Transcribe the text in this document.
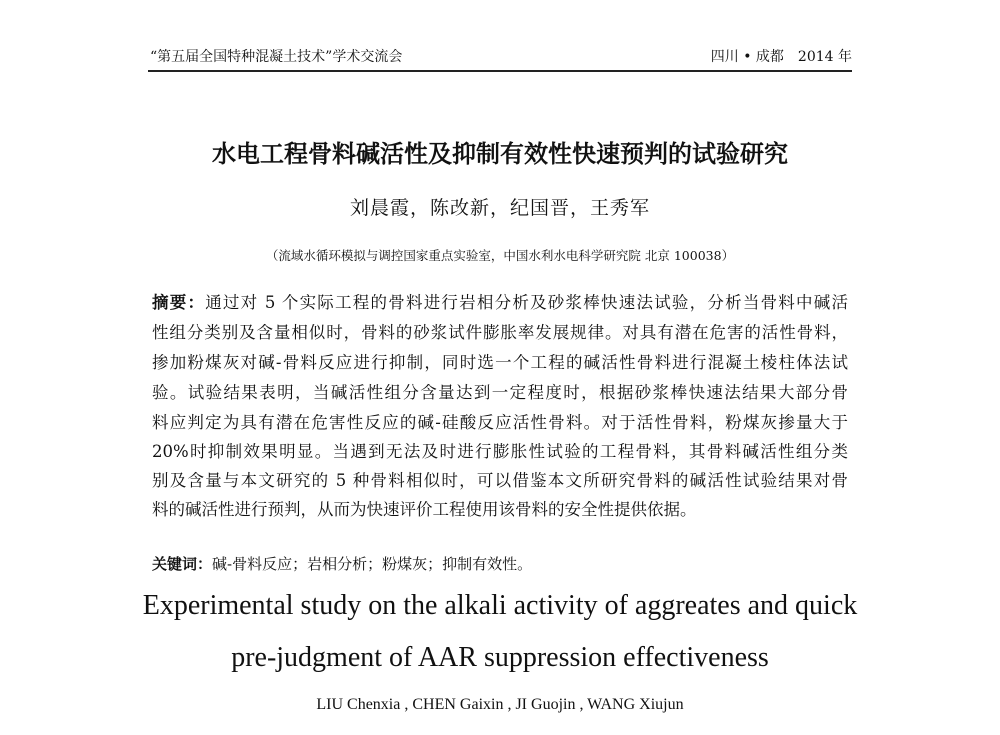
“第五届全国特种混凝土技术”学术交流会	四川 • 成都　2014 年
水电工程骨料碱活性及抑制有效性快速预判的试验研究
刘晨霞，陈改新，纪国晋，王秀军
（流域水循环模拟与调控国家重点实验室，中国水利水电科学研究院 北京 100038）
摘要：通过对 5 个实际工程的骨料进行岩相分析及砂浆棒快速法试验，分析当骨料中碱活
性组分类别及含量相似时，骨料的砂浆试件膨胀率发展规律。对具有潜在危害的活性骨料，
掺加粉煤灰对碱-骨料反应进行抑制，同时选一个工程的碱活性骨料进行混凝土棱柱体法试
验。试验结果表明，当碱活性组分含量达到一定程度时，根据砂浆棒快速法结果大部分骨
料应判定为具有潜在危害性反应的碱-硅酸反应活性骨料。对于活性骨料，粉煤灰掺量大于
20%时抑制效果明显。当遇到无法及时进行膨胀性试验的工程骨料，其骨料碱活性组分类
别及含量与本文研究的 5 种骨料相似时，可以借鉴本文所研究骨料的碱活性试验结果对骨
料的碱活性进行预判，从而为快速评价工程使用该骨料的安全性提供依据。
关键词：碱-骨料反应；岩相分析；粉煤灰；抑制有效性。
Experimental study on the alkali activity of aggreates and quick
pre-judgment of AAR suppression effectiveness
LIU Chenxia , CHEN Gaixin , JI Guojin , WANG Xiujun
